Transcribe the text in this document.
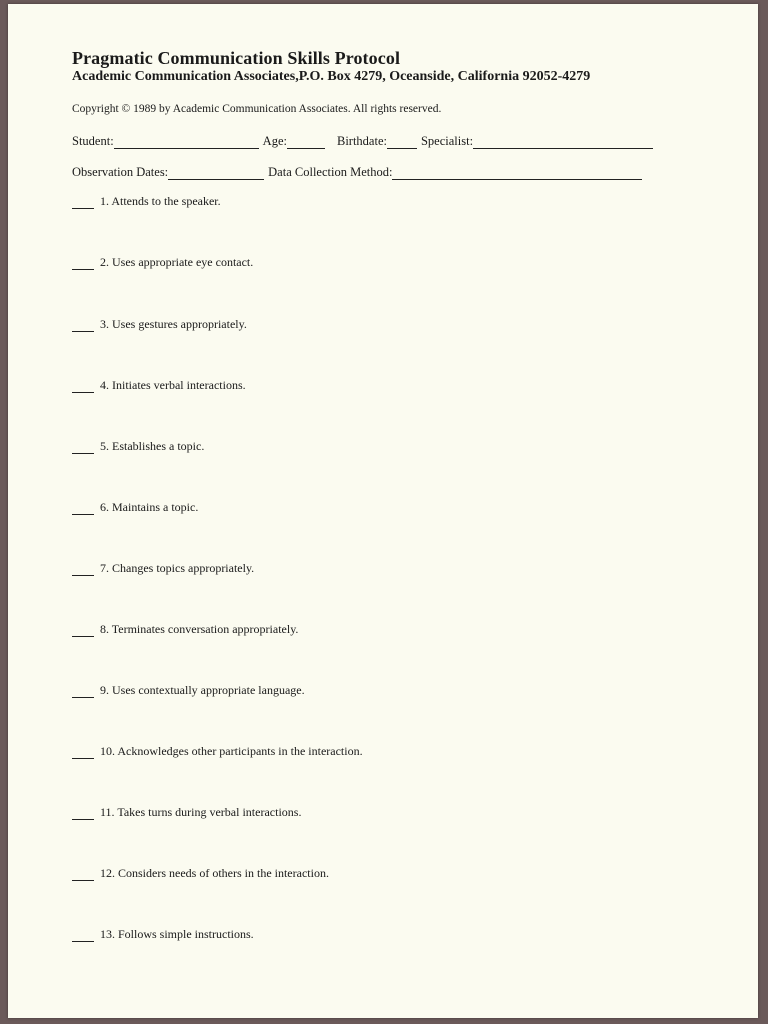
Pragmatic Communication Skills Protocol
Academic Communication Associates,P.O. Box 4279, Oceanside, California 92052-4279
Copyright © 1989 by Academic Communication Associates. All rights reserved.
Student:	Age:	Birthdate:	Specialist:
Observation Dates:	Data Collection Method:
1. Attends to the speaker.
2. Uses appropriate eye contact.
3. Uses gestures appropriately.
4. Initiates verbal interactions.
5. Establishes a topic.
6. Maintains a topic.
7. Changes topics appropriately.
8. Terminates conversation appropriately.
9. Uses contextually appropriate language.
10. Acknowledges other participants in the interaction.
11. Takes turns during verbal interactions.
12. Considers needs of others in the interaction.
13. Follows simple instructions.
